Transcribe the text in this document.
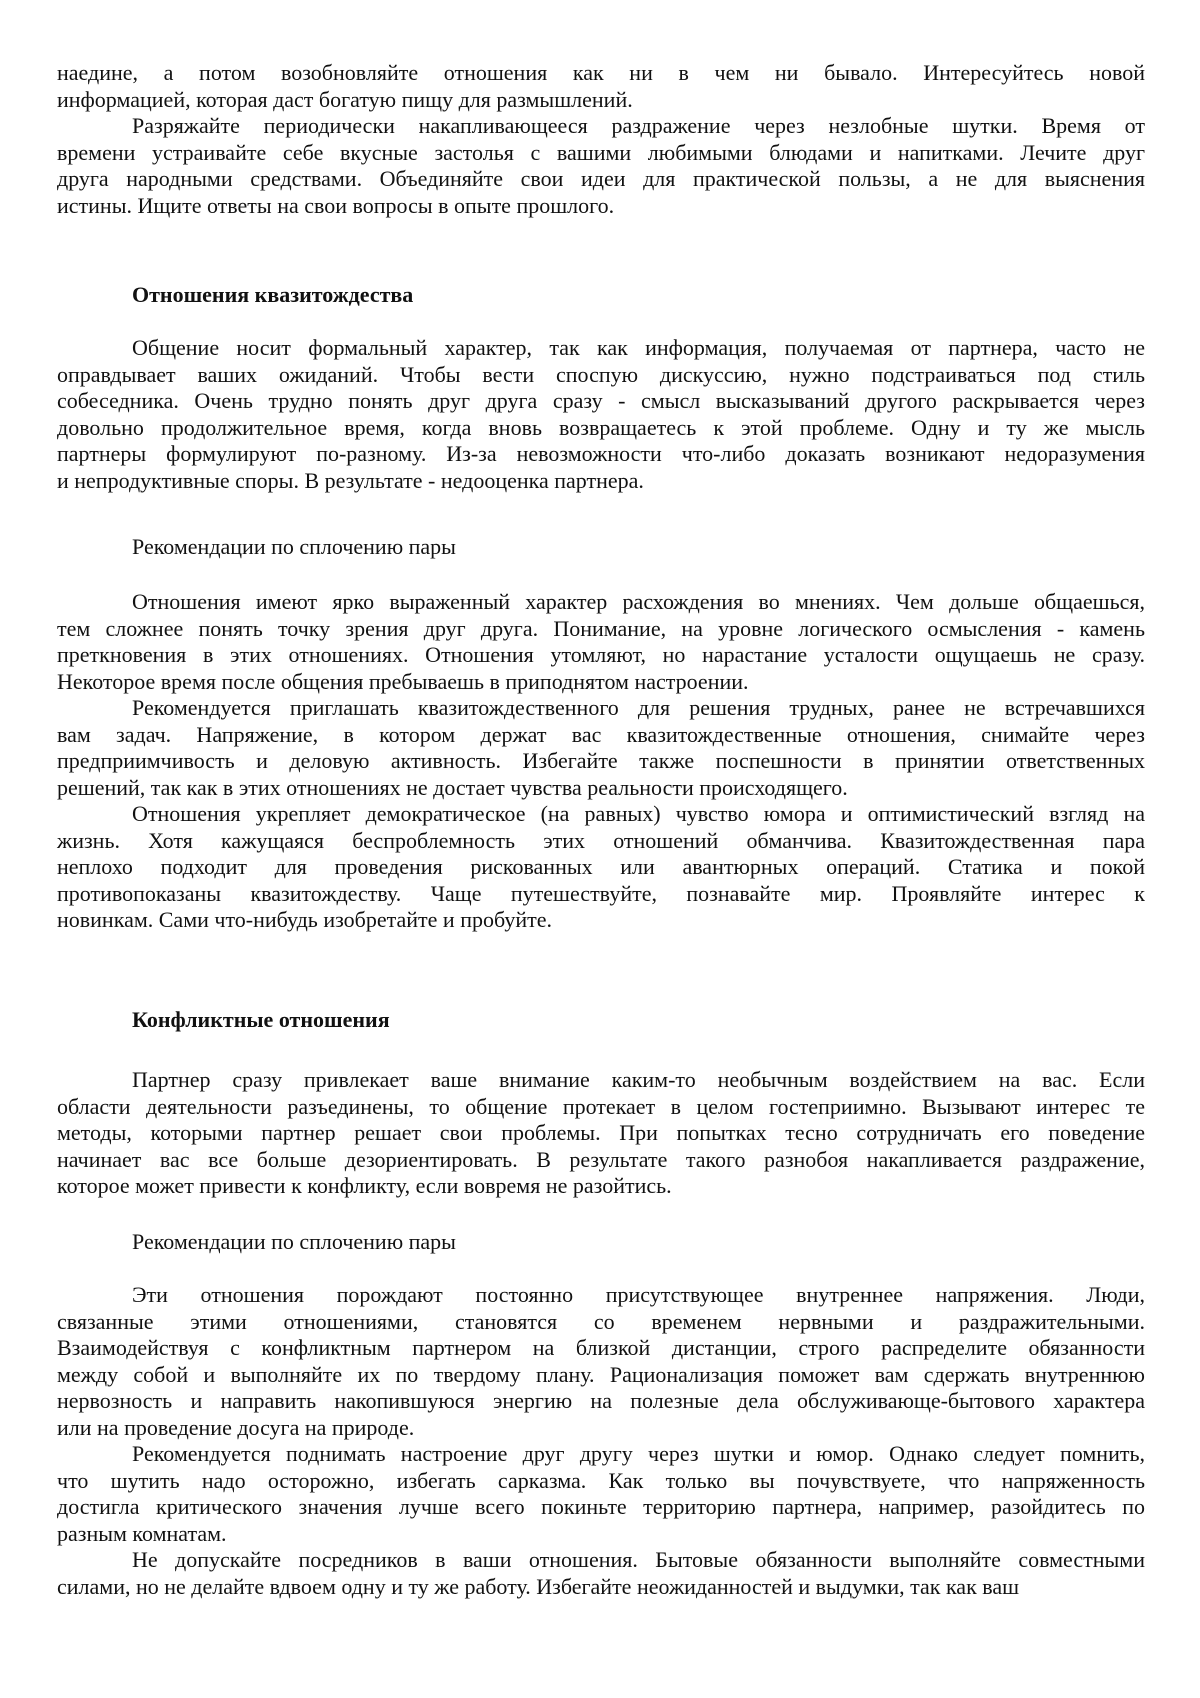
наедине, а потом возобновляйте отношения как ни в чем ни бывало. Интересуйтесь новой
информацией, которая даст богатую пищу для размышлений.
Разряжайте периодически накапливающееся раздражение через незлобные шутки. Время от
времени устраивайте себе вкусные застолья с вашими любимыми блюдами и напитками. Лечите друг
друга народными средствами. Объединяйте свои идеи для практической пользы, а не для выяснения
истины. Ищите ответы на свои вопросы в опыте прошлого.
Отношения квазитождества
Общение носит формальный характер, так как информация, получаемая от партнера, часто не
оправдывает ваших ожиданий. Чтобы вести споспую дискуссию, нужно подстраиваться под стиль
собеседника. Очень трудно понять друг друга сразу - смысл высказываний другого раскрывается через
довольно продолжительное время, когда вновь возвращаетесь к этой проблеме. Одну и ту же мысль
партнеры формулируют по-разному. Из-за невозможности что-либо доказать возникают недоразумения
и непродуктивные споры. В результате - недооценка партнера.
Рекомендации по сплочению пары
Отношения имеют ярко выраженный характер расхождения во мнениях. Чем дольше общаешься,
тем сложнее понять точку зрения друг друга. Понимание, на уровне логического осмысления - камень
преткновения в этих отношениях. Отношения утомляют, но нарастание усталости ощущаешь не сразу.
Некоторое время после общения пребываешь в приподнятом настроении.
Рекомендуется приглашать квазитождественного для решения трудных, ранее не встречавшихся
вам задач. Напряжение, в котором держат вас квазитождественные отношения, снимайте через
предприимчивость и деловую активность. Избегайте также поспешности в принятии ответственных
решений, так как в этих отношениях не достает чувства реальности происходящего.
Отношения укрепляет демократическое (на равных) чувство юмора и оптимистический взгляд на
жизнь. Хотя кажущаяся беспроблемность этих отношений обманчива. Квазитождественная пара
неплохо подходит для проведения рискованных или авантюрных операций. Статика и покой
противопоказаны квазитождеству. Чаще путешествуйте, познавайте мир. Проявляйте интерес к
новинкам. Сами что-нибудь изобретайте и пробуйте.
Конфликтные отношения
Партнер сразу привлекает ваше внимание каким-то необычным воздействием на вас. Если
области деятельности разъединены, то общение протекает в целом гостеприимно. Вызывают интерес те
методы, которыми партнер решает свои проблемы. При попытках тесно сотрудничать его поведение
начинает вас все больше дезориентировать. В результате такого разнобоя накапливается раздражение,
которое может привести к конфликту, если вовремя не разойтись.
Рекомендации по сплочению пары
Эти отношения порождают постоянно присутствующее внутреннее напряжения. Люди,
связанные этими отношениями, становятся со временем нервными и раздражительными.
Взаимодействуя с конфликтным партнером на близкой дистанции, строго распределите обязанности
между собой и выполняйте их по твердому плану. Рационализация поможет вам сдержать внутреннюю
нервозность и направить накопившуюся энергию на полезные дела обслуживающе-бытового характера
или на проведение досуга на природе.
Рекомендуется поднимать настроение друг другу через шутки и юмор. Однако следует помнить,
что шутить надо осторожно, избегать сарказма. Как только вы почувствуете, что напряженность
достигла критического значения лучше всего покиньте территорию партнера, например, разойдитесь по
разным комнатам.
Не допускайте посредников в ваши отношения. Бытовые обязанности выполняйте совместными
силами, но не делайте вдвоем одну и ту же работу. Избегайте неожиданностей и выдумки, так как ваш
